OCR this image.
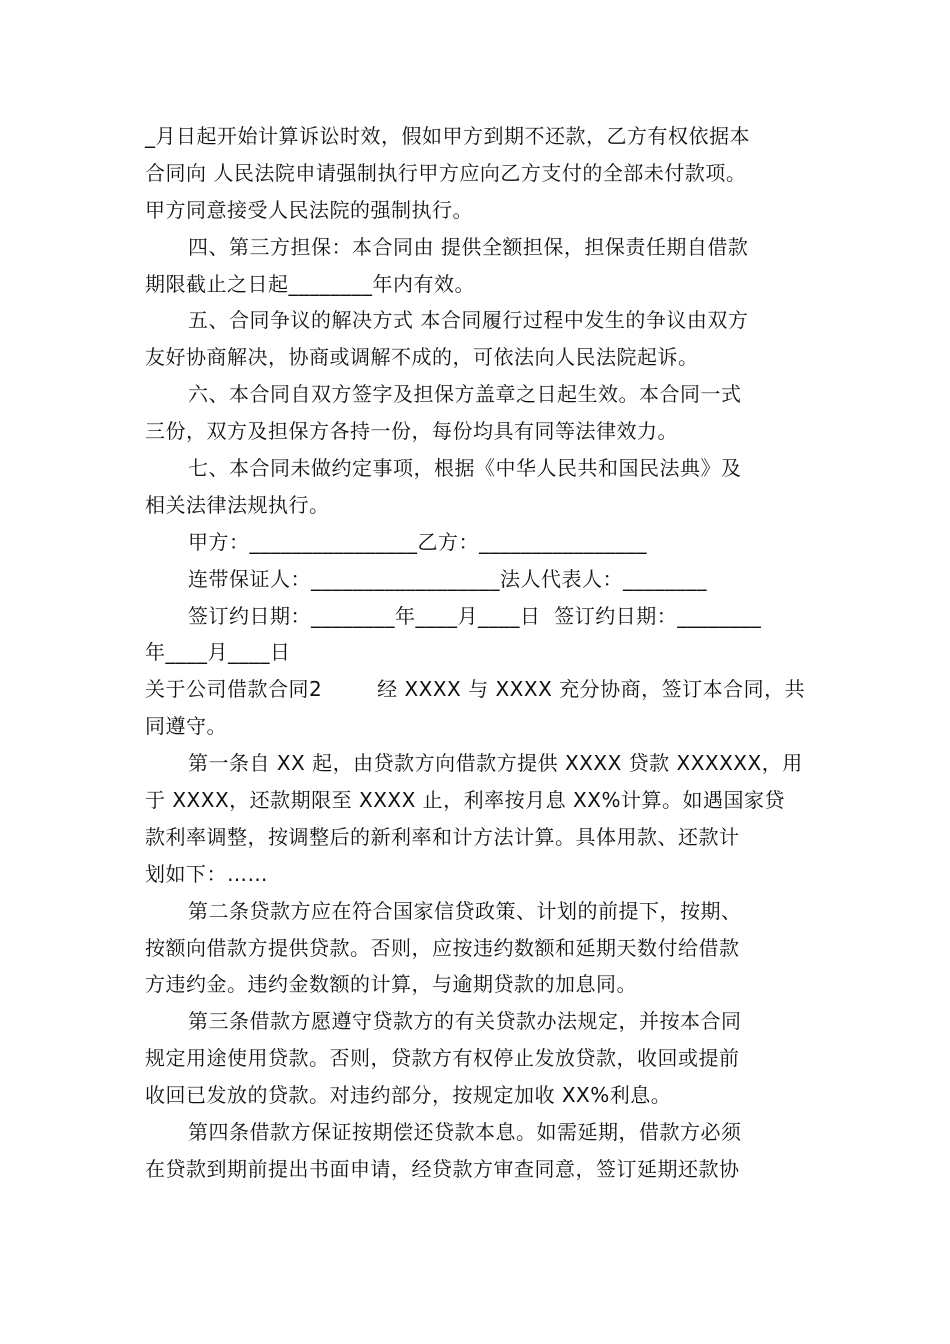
_月日起开始计算诉讼时效，假如甲方到期不还款，乙方有权依据本
合同向 人民法院申请强制执行甲方应向乙方支付的全部未付款项。
甲方同意接受人民法院的强制执行。
四、第三方担保：本合同由 提供全额担保，担保责任期自借款
期限截止之日起________年内有效。
五、合同争议的解决方式 本合同履行过程中发生的争议由双方
友好协商解决，协商或调解不成的，可依法向人民法院起诉。
六、本合同自双方签字及担保方盖章之日起生效。本合同一式
三份，双方及担保方各持一份，每份均具有同等法律效力。
七、本合同未做约定事项，根据《中华人民共和国民法典》及
相关法律法规执行。
甲方：________________乙方：________________
连带保证人：__________________法人代表人：________
签订约日期：________年____月____日  签订约日期：________
年____月____日
关于公司借款合同2        经 XXXX 与 XXXX 充分协商，签订本合同，共
同遵守。
第一条自 XX 起，由贷款方向借款方提供 XXXX 贷款 XXXXXX，用
于 XXXX，还款期限至 XXXX 止，利率按月息 XX%计算。如遇国家贷
款利率调整，按调整后的新利率和计方法计算。具体用款、还款计
划如下：……
第二条贷款方应在符合国家信贷政策、计划的前提下，按期、
按额向借款方提供贷款。否则，应按违约数额和延期天数付给借款
方违约金。违约金数额的计算，与逾期贷款的加息同。
第三条借款方愿遵守贷款方的有关贷款办法规定，并按本合同
规定用途使用贷款。否则，贷款方有权停止发放贷款，收回或提前
收回已发放的贷款。对违约部分，按规定加收 XX%利息。
第四条借款方保证按期偿还贷款本息。如需延期，借款方必须
在贷款到期前提出书面申请，经贷款方审查同意，签订延期还款协
